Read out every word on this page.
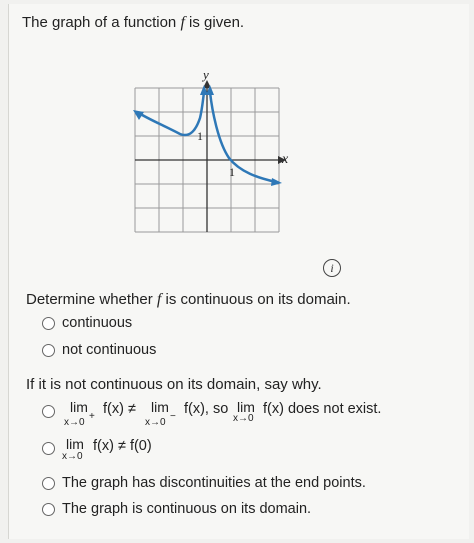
The graph of a function f is given.
y
x
1
1
i
Determine whether f is continuous on its domain.
continuous
not continuous
If it is not continuous on its domain, say why.
lim
x→0
+ f(x) ≠ lim
x→0
− f(x), so lim
x→0
f(x) does not exist.
lim
x→0
f(x) ≠ f(0)
The graph has discontinuities at the end points.
The graph is continuous on its domain.
